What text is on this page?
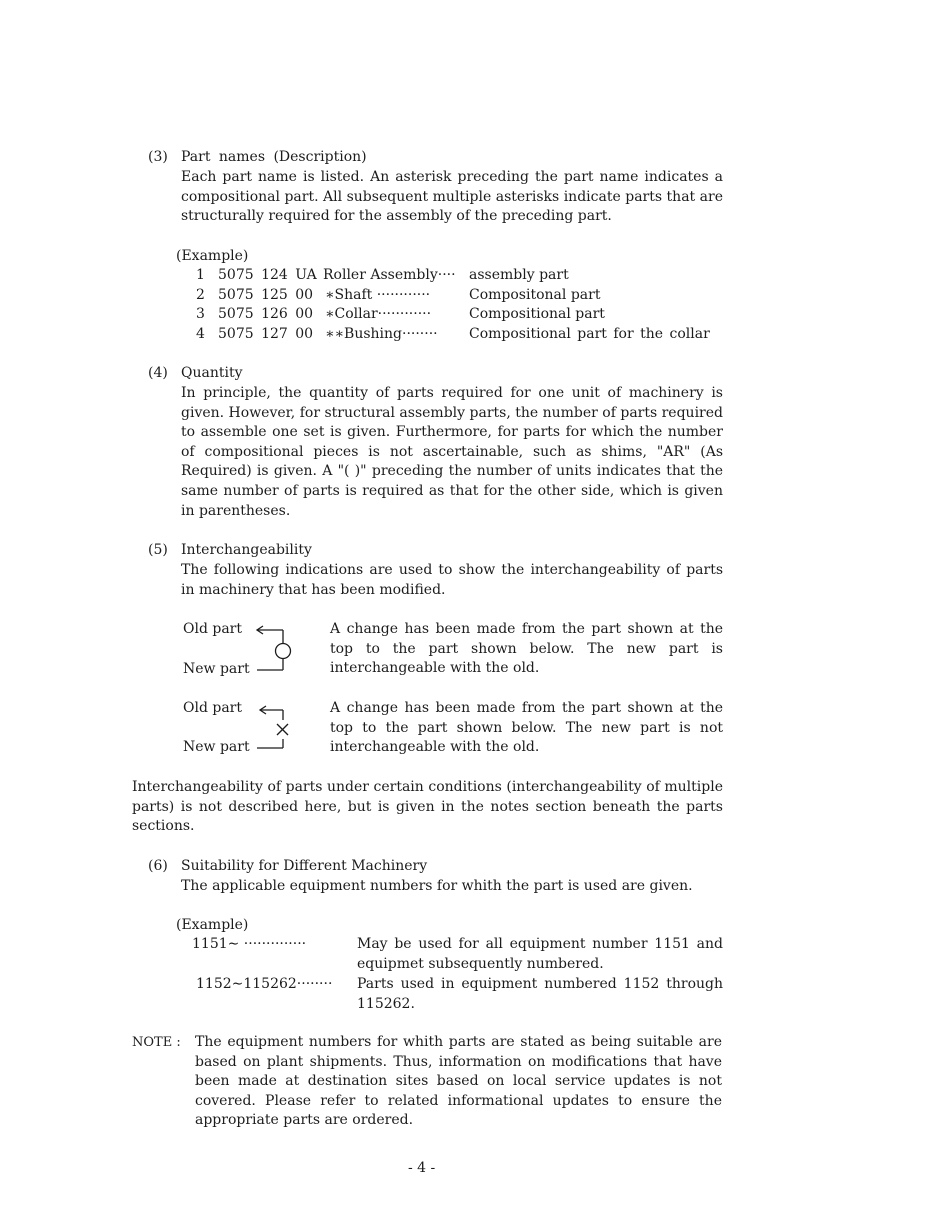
(3) Part names (Description)
Each part name is listed. An asterisk preceding the part name indicates a compositional part. All subsequent multiple asterisks indicate parts that are structurally required for the assembly of the preceding part.
(Example)
1 5075 124 UA Roller Assembly···· assembly part
2 5075 125 00 ∗Shaft ············	Compositonal part
3 5075 126 00 ∗Collar············	Compositional part
4 5075 127 00 ∗∗Bushing········ Compositional part for the collar
(4) Quantity
In principle, the quantity of parts required for one unit of machinery is given. However, for structural assembly parts, the number of parts required to assemble one set is given. Furthermore, for parts for which the number of compositional pieces is not ascertainable, such as shims, "AR" (As Required) is given. A "( )" preceding the number of units indicates that the same number of parts is required as that for the other side, which is given in parentheses.
(5) Interchangeability
The following indications are used to show the interchangeability of parts in machinery that has been modified.
Old part
New part
A change has been made from the part shown at the top to the part shown below. The new part is interchangeable with the old.
Old part
New part
A change has been made from the part shown at the top to the part shown below. The new part is not interchangeable with the old.
Interchangeability of parts under certain conditions (interchangeability of multiple parts) is not described here, but is given in the notes section beneath the parts sections.
(6) Suitability for Different Machinery
The applicable equipment numbers for whith the part is used are given.
(Example)
1151∼ ··············	May be used for all equipment number 1151 and equipmet subsequently numbered.
1152∼115262········ Parts used in equipment numbered 1152 through 115262.
NOTE : The equipment numbers for whith parts are stated as being suitable are based on plant shipments. Thus, information on modifications that have been made at destination sites based on local service updates is not covered. Please refer to related informational updates to ensure the appropriate parts are ordered.
- 4 -
